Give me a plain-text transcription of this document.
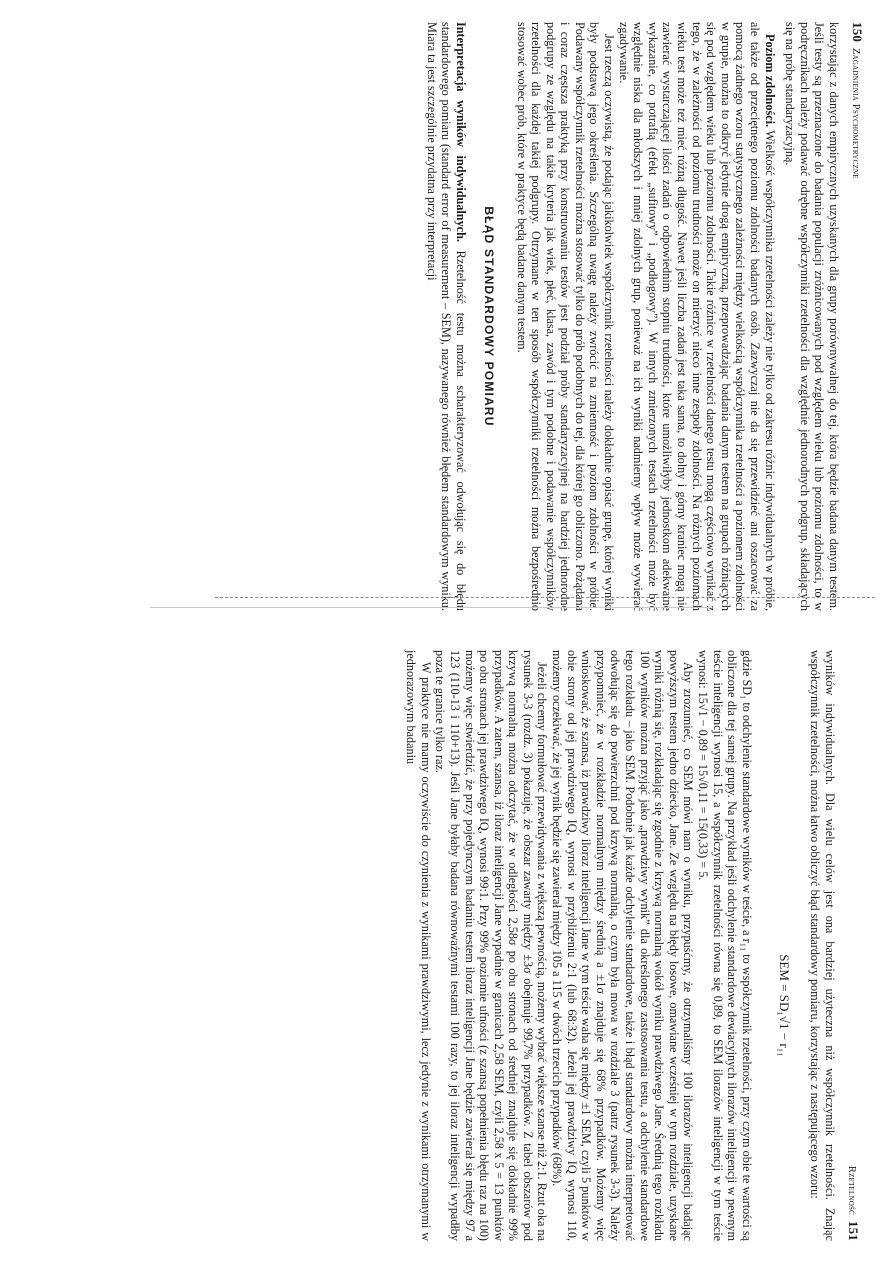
150  Zagadnienia Psychometryczne

korzystając z danych empirycznych uzyskanych dla grupy porównywalnej do tej, która będzie badana danym testem. Jeśli testy są przeznaczone do badania populacji zróżnicowanych pod względem wieku lub poziomu zdolności, to w podręcznikach należy podawać odrębne współczynniki rzetelności dla względnie jednorodnych podgrup, składających się na próbę standaryzacyjną.

Poziom zdolności. Wielkość współczynnika rzetelności zależy nie tylko od zakresu różnic indywidualnych w próbie, ale także od przeciętnego poziomu zdolności badanych osób. Zazwyczaj nie da się przewidzieć ani oszacować za pomocą żadnego wzoru statystycznego zależności między wielkością współczynnika rzetelności a poziomem zdolności w grupie, można to odkryć jedynie drogą empiryczną, przeprowadzając badania danym testem na grupach różniących się pod względem wieku lub poziomu zdolności. Takie różnice w rzetelności danego testu mogą częściowo wynikać z tego, że w zależności od poziomu trudności może on mierzyć nieco inne zespoły zdolności. Na różnych poziomach wieku test może też mieć różną długość. Nawet jeśli liczba zadań jest taka sama, to dolny i górny kraniec mogą nie zawierać wystarczającej ilości zadań o odpowiednim stopniu trudności, które umożliwiłyby jednostkom adekwatne wykazanie, co potrafią (efekt „sufitowy” i „podłogowy”). W innych zmierzonych testach rzetelności może być względnie niska dla młodszych i mniej zdolnych grup, ponieważ na ich wyniki nadmierny wpływ może wywierać zgadywanie.

Jest rzeczą oczywistą, że podając jakikolwiek współczynnik rzetelności należy dokładnie opisać grupę, której wyniki były podstawą jego określenia. Szczególną uwagę należy zwrócić na zmienność i poziom zdolności w próbie. Podawany współczynnik rzetelności można stosować tylko do prób podobnych do tej, dla której go obliczono. Pożądana i coraz częstsza praktyką przy konstruowaniu testów jest podział próby standaryzacyjnej na bardziej jednorodne podgrupy ze względu na takie kryteria jak wiek, płeć, klasa, zawód i tym podobne i podawanie współczynników rzetelności dla każdej takiej podgrupy. Otrzymane w ten sposób współczynniki rzetelności można bezpośrednio stosować wobec prób, które w praktyce będą badane danym testem.

BŁĄD STANDARDOWY POMIARU

Interpretacja wyników indywidualnych. Rzetelność testu można scharakteryzować odwołując się do błędu standardowego pomiaru (standard error of measurement – SEM), nazywanego również błędem standardowym wyniku. Miara ta jest szczególnie przydatna przy interpretacji

Rzetelność  151

wyników indywidualnych. Dla wielu celów jest ona bardziej użyteczna niż współczynnik rzetelności. Znając współczynnik rzetelności, można łatwo obliczyć błąd standardowy pomiaru, korzystając z następującego wzoru:

SEM = SD₁√1 − r₁₁

gdzie SD₁ to odchylenie standardowe wyników w teście, a r₁₁ to współczynnik rzetelności, przy czym obie te wartości są obliczone dla tej samej grupy. Na przykład jeśli odchylenie standardowe dewiacyjnych ilorazów inteligencji w pewnym teście inteligencji wynosi 15, a współczynnik rzetelności równa się 0,89, to SEM ilorazów inteligencji w tym teście wynosi: 15√1 − 0,89 = 15√0,11 = 15(0,33) = 5.

Aby zrozumieć, co SEM mówi nam o wyniku, przypuśćmy, że otrzymaliśmy 100 ilorazów inteligencji badając powyższym testem jedno dziecko, Jane. Ze względu na błędy losowe, omawiane wcześniej w tym rozdziale, uzyskane wyniki różnią się, rozkładając się zgodnie z krzywą normalną wokół wyniku prawdziwego Jane. Średnią tego rozkładu 100 wyników można przyjąć jako „prawdziwy wynik” dla określonego zastosowania testu, a odchylenie standardowe tego rozkładu – jako SEM. Podobnie jak każde odchylenie standardowe, także i błąd standardowy można interpretować odwołując się do powierzchni pod krzywą normalną, o czym była mowa w rozdziale 3 (patrz rysunek 3-3). Należy przypomnieć, że w rozkładzie normalnym między średnią a ±1σ znajduje się 68% przypadków. Możemy więc wnioskować, że szansa, iż prawdziwy iloraz inteligencji Jane w tym teście waha się między ±1 SEM, czyli 5 punktów w obie strony od jej prawdziwego IQ, wynosi w przybliżeniu 2:1 (lub 68:32). Jeżeli jej prawdziwy IQ wynosi 110, możemy oczekiwać, że jej wynik będzie się zawierał między 105 a 115 w dwóch trzecich przypadków (68%).

Jeżeli chcemy formułować przewidywania z większą pewnością, możemy wybrać większe szanse niż 2:1. Rzut oka na rysunek 3-3 (rozdz. 3) pokazuje, że obszar zawarty między ±3σ obejmuje 99,7% przypadków. Z tabel obszarów pod krzywą normalną można odczytać, że w odległości 2,58σ po obu stronach od średniej znajduje się dokładnie 99% przypadków. A zatem, szansa, iż iloraz inteligencji Jane wypadnie w granicach 2,58 SEM, czyli 2,58 x 5 = 13 punktów po obu stronach jej prawdziwego IQ, wynosi 99:1. Przy 99% poziomie ufności (z szansą popełnienia błędu raz na 100) możemy więc stwierdzić, że przy pojedynczym badaniu testem iloraz inteligencji Jane będzie zawierał się między 97 a 123 (110-13 i 110+13). Jeśli Jane byłaby badana równoważnymi testami 100 razy, to jej iloraz inteligencji wypadłby poza te granice tylko raz.

W praktyce nie mamy oczywiście do czynienia z wynikami prawdziwymi, lecz jedynie z wynikami otrzymanymi w jednorazowym badaniu
